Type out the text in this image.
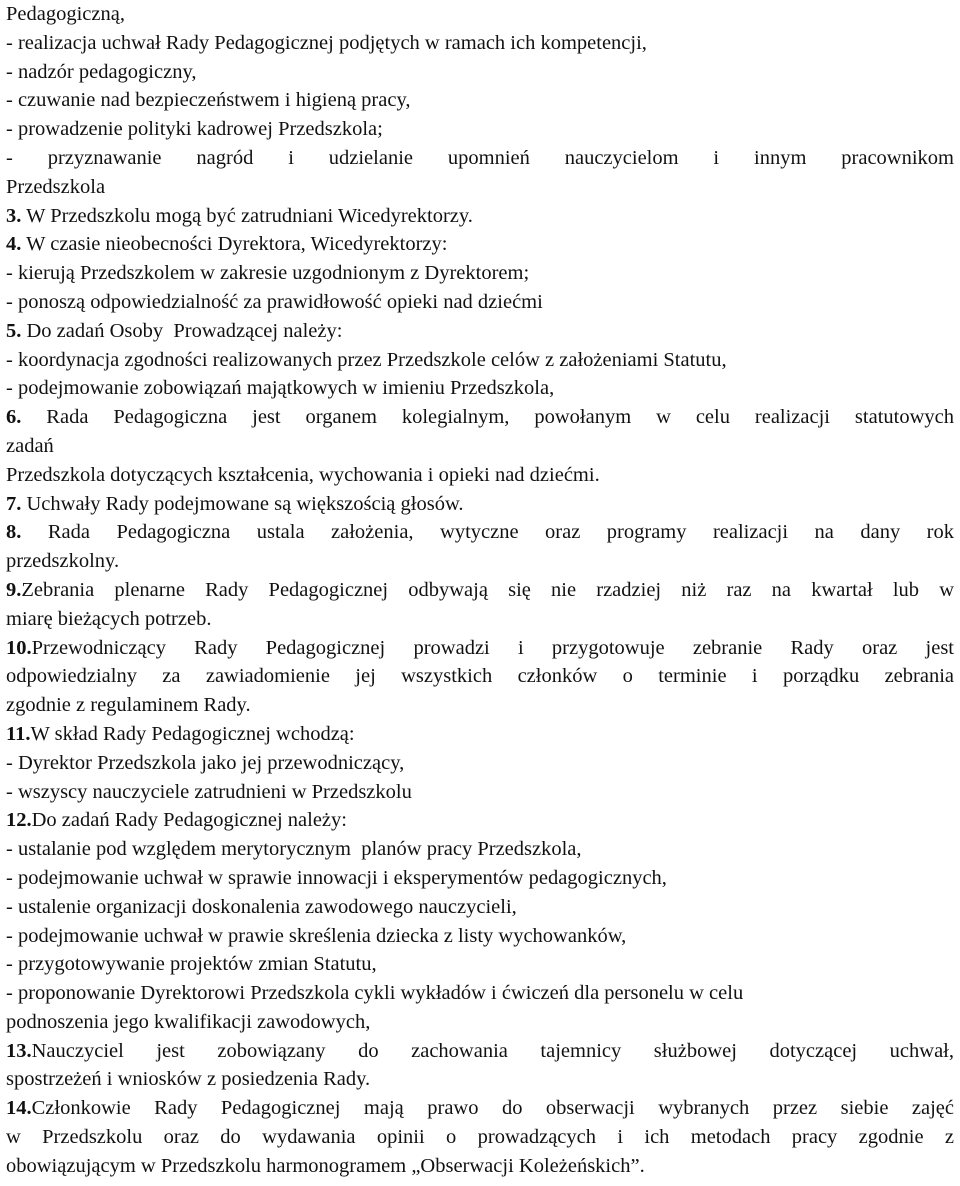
Pedagogiczną,
- realizacja uchwał Rady Pedagogicznej podjętych w ramach ich kompetencji,
- nadzór pedagogiczny,
- czuwanie nad bezpieczeństwem i higieną pracy,
- prowadzenie polityki kadrowej Przedszkola;
- przyznawanie nagród i udzielanie upomnień nauczycielom i innym pracownikom
Przedszkola
3. W Przedszkolu mogą być zatrudniani Wicedyrektorzy.
4. W czasie nieobecności Dyrektora, Wicedyrektorzy:
- kierują Przedszkolem w zakresie uzgodnionym z Dyrektorem;
- ponoszą odpowiedzialność za prawidłowość opieki nad dziećmi
5. Do zadań Osoby  Prowadzącej należy:
- koordynacja zgodności realizowanych przez Przedszkole celów z założeniami Statutu,
- podejmowanie zobowiązań majątkowych w imieniu Przedszkola,
6. Rada Pedagogiczna jest organem kolegialnym, powołanym w celu realizacji statutowych
zadań
Przedszkola dotyczących kształcenia, wychowania i opieki nad dziećmi.
7. Uchwały Rady podejmowane są większością głosów.
8. Rada Pedagogiczna ustala założenia, wytyczne oraz programy realizacji na dany rok
przedszkolny.
9.Zebrania plenarne Rady Pedagogicznej odbywają się nie rzadziej niż raz na kwartał lub w
miarę bieżących potrzeb.
10.Przewodniczący Rady Pedagogicznej prowadzi i przygotowuje zebranie Rady oraz jest
odpowiedzialny za zawiadomienie jej wszystkich członków o terminie i porządku zebrania
zgodnie z regulaminem Rady.
11.W skład Rady Pedagogicznej wchodzą:
- Dyrektor Przedszkola jako jej przewodniczący,
- wszyscy nauczyciele zatrudnieni w Przedszkolu
12.Do zadań Rady Pedagogicznej należy:
- ustalanie pod względem merytorycznym  planów pracy Przedszkola,
- podejmowanie uchwał w sprawie innowacji i eksperymentów pedagogicznych,
- ustalenie organizacji doskonalenia zawodowego nauczycieli,
- podejmowanie uchwał w prawie skreślenia dziecka z listy wychowanków,
- przygotowywanie projektów zmian Statutu,
- proponowanie Dyrektorowi Przedszkola cykli wykładów i ćwiczeń dla personelu w celu
podnoszenia jego kwalifikacji zawodowych,
13.Nauczyciel jest zobowiązany do zachowania tajemnicy służbowej dotyczącej uchwał,
spostrzeżeń i wniosków z posiedzenia Rady.
14.Członkowie Rady Pedagogicznej mają prawo do obserwacji wybranych przez siebie zajęć
w Przedszkolu oraz do wydawania opinii o prowadzących i ich metodach pracy zgodnie z
obowiązującym w Przedszkolu harmonogramem „Obserwacji Koleżeńskich”.
